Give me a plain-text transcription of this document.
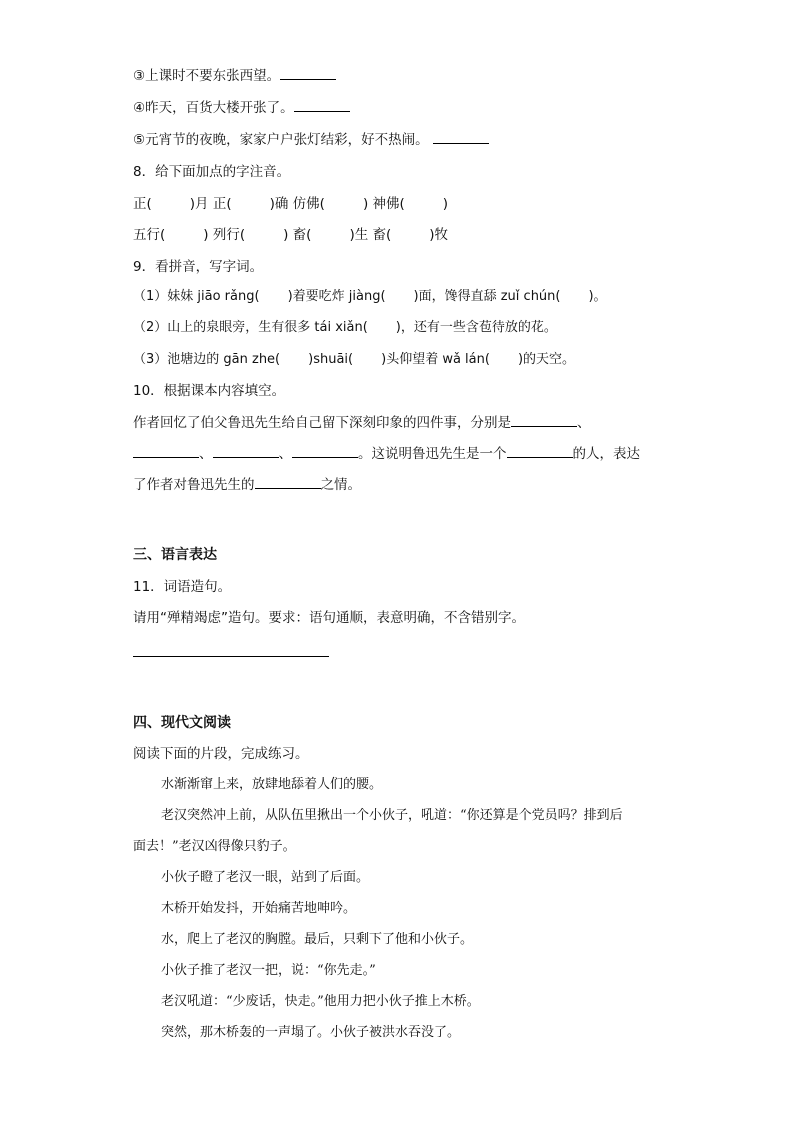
③上课时不要东张西望。
④昨天，百货大楼开张了。
⑤元宵节的夜晚，家家户户张灯结彩，好不热闹。
8．给下面加点的字注音。
正(	)月 正(	)确 仿佛(	) 神佛(	)
五行(	) 列行(	) 畜(	)生 畜(	)牧
9．看拼音，写字词。
（1）妹妹 jiāo rǎng( )着要吃炸 jiàng( )面，馋得直舔 zuǐ chún( )。
（2）山上的泉眼旁，生有很多 tái xiǎn( )，还有一些含苞待放的花。
（3）池塘边的 gān zhe( )shuāi( )头仰望着 wǎ lán( )的天空。
10．根据课本内容填空。
作者回忆了伯父鲁迅先生给自己留下深刻印象的四件事，分别是	、
、	、	。这说明鲁迅先生是一个	的人，表达
了作者对鲁迅先生的	之情。
三、语言表达
11．词语造句。
请用“殚精竭虑”造句。要求：语句通顺，表意明确，不含错别字。
四、现代文阅读
阅读下面的片段，完成练习。
水渐渐窜上来，放肆地舔着人们的腰。
老汉突然冲上前，从队伍里揪出一个小伙子，吼道：“你还算是个党员吗？排到后
面去！”老汉凶得像只豹子。
小伙子瞪了老汉一眼，站到了后面。
木桥开始发抖，开始痛苦地呻吟。
水，爬上了老汉的胸膛。最后，只剩下了他和小伙子。
小伙子推了老汉一把，说：“你先走。”
老汉吼道：“少废话，快走。”他用力把小伙子推上木桥。
突然，那木桥轰的一声塌了。小伙子被洪水吞没了。
